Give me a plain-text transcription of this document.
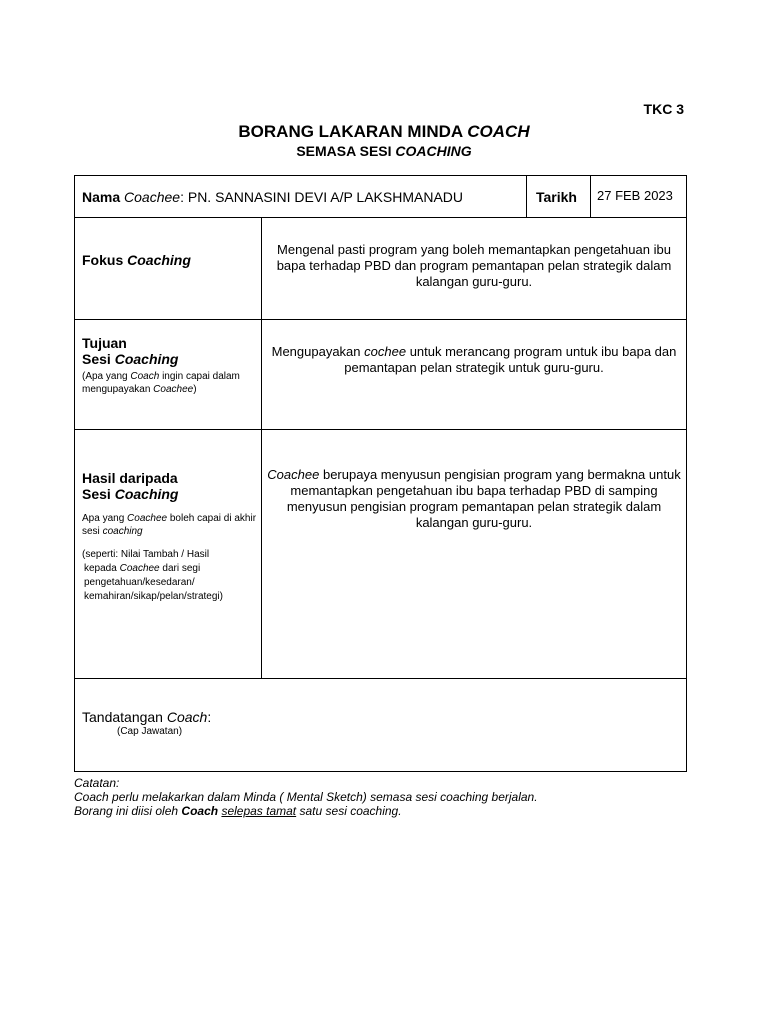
TKC 3
BORANG LAKARAN MINDA COACH
SEMASA SESI COACHING
Nama Coachee: PN. SANNASINI DEVI A/P LAKSHMANADU	Tarikh 27 FEB 2023
Fokus Coaching
Mengenal pasti program yang boleh memantapkan pengetahuan ibu bapa terhadap PBD dan program pemantapan pelan strategik dalam kalangan guru-guru.
Tujuan
Sesi Coaching
(Apa yang Coach ingin capai dalam mengupayakan Coachee)
Mengupayakan cochee untuk merancang program untuk ibu bapa dan pemantapan pelan strategik untuk guru-guru.
Hasil daripada
Sesi Coaching
Apa yang Coachee boleh capai di akhir sesi coaching
(seperti: Nilai Tambah / Hasil
kepada Coachee dari segi
pengetahuan/kesedaran/
kemahiran/sikap/pelan/strategi)
Coachee berupaya menyusun pengisian program yang bermakna untuk memantapkan pengetahuan ibu bapa terhadap PBD di samping menyusun pengisian program pemantapan pelan strategik dalam kalangan guru-guru.
Tandatangan Coach:
(Cap Jawatan)
Catatan:
Coach perlu melakarkan dalam Minda ( Mental Sketch) semasa sesi coaching berjalan.
Borang ini diisi oleh Coach selepas tamat satu sesi coaching.
